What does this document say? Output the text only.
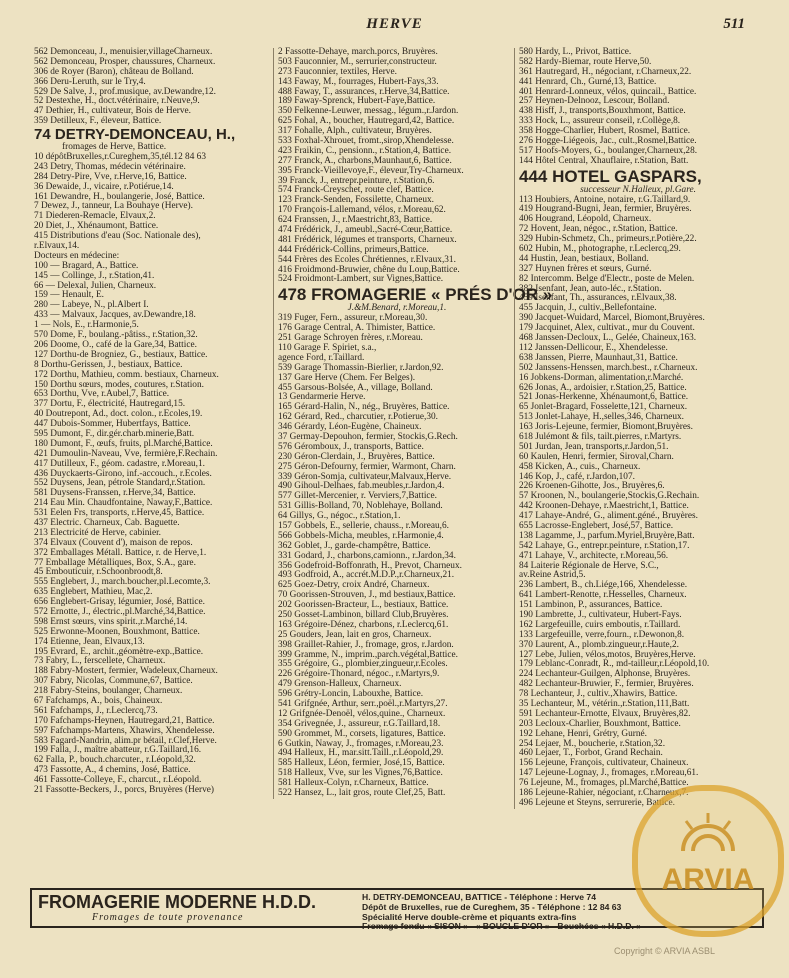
HERVE	511
562 Demonceau, J., menuisier,villageCharneux.
562 Demonceau, Prosper, chaussures, Charneux.
306 de Royer (Baron), château de Bolland.
366 Deru-Leruth, sur le Try,4.
529 De Salve, J., prof.musique, av.Dewandre,12.
52 Destexhe, H., doct.vétérinaire, r.Neuve,9.
47 Dethier, H., cultivateur, Bois de Herve.
359 Detilleux, F., éleveur, Battice.
74 DETRY-DEMONCEAU, H.,
fromages de Herve, Battice.
10 dépôtBruxelles,r.Cureghem,35,tél.12 84 63
243 Detry, Thomas, médecin vétérinaire.
284 Detry-Pire, Vve, r.Herve,16, Battice.
36 Dewaide, J., vicaire, r.Potiérue,14.
161 Dewandre, H., boulangerie, José, Battice.
7 Dewez, J., tanneur, La Bouhaye (Herve).
71 Diederen-Remacle, Elvaux,2.
20 Diet, J., Xhénaumont, Battice.
415 Distributions d'eau (Soc. Nationale des),
r.Elvaux,14.
Docteurs en médecine:
100 — Bragard, A., Battice.
145 — Collinge, J., r.Station,41.
66 — Delexal, Julien, Charneux.
159 — Henault, E.
280 — Labeye, N., pl.Albert I.
433 — Malvaux, Jacques, av.Dewandre,18.
1 — Nols, E., r.Harmonie,5.
570 Dome, F., boulang.-pâtiss., r.Station,32.
206 Doome, O., café de la Gare,34, Battice.
127 Dorthu-de Brogniez, G., bestiaux, Battice.
8 Dorthu-Gerissen, J., bestiaux, Battice.
172 Dorthu, Mathieu, comm. bestiaux, Charneux.
150 Dorthu sœurs, modes, coutures, r.Station.
653 Dorthu, Vve, r.Aubel,7, Battice.
377 Dortu, F., électricité, Hautregard,15.
40 Doutrepont, Ad., doct. colon., r.Ecoles,19.
447 Dubois-Sommer, Hubertfays, Battice.
595 Dumont, F., dir.gér.charb.minerie,Batt.
180 Dumont, F., œufs, fruits, pl.Marché,Battice.
421 Dumoulin-Naveau, Vve, fermière,F.Rechain.
417 Dutilleux, F., géom. cadastre, r.Moreau,1.
436 Duyckaerts-Girono, inf.-accouch., r.Ecoles.
552 Duysens, Jean, pétrole Standard,r.Station.
581 Duysens-Franssen, r.Herve,34, Battice.
214 Eau Min. Chaudfontaine, Naway,F.,Battice.
531 Eelen Frs, transports, r.Herve,45, Battice.
437 Electric. Charneux, Cab. Baguette.
213 Electricité de Herve, cabinier.
374 Elvaux (Couvent d'), maison de repos.
372 Emballages Métall. Battice, r. de Herve,1.
77 Emballage Métalliques, Box, S.A., gare.
45 Embouticuir, r.Schoonbroodt,8.
555 Englebert, J., march.boucher,pl.Lecomte,3.
635 Englebert, Mathieu, Mac,2.
656 Englebert-Grisay, légumier, José, Battice.
572 Ernotte, J., électric.,pl.Marché,34,Battice.
598 Ernst sœurs, vins spirit.,r.Marché,14.
525 Erwonne-Moonen, Bouxhmont, Battice.
174 Etienne, Jean, Elvaux,13.
195 Evrard, E., archit.,géomètre-exp.,Battice.
73 Fabry, L., ferscellete, Charneux.
188 Fabry-Mostert, fermier, Wadeleux,Charneux.
307 Fabry, Nicolas, Commune,67, Battice.
218 Fabry-Steins, boulanger, Charneux.
67 Fafchamps, A., bois, Chaineux.
561 Fafchamps, J., r.Leclercq,73.
170 Fafchamps-Heynen, Hautregard,21, Battice.
597 Fafchamps-Martens, Xhawirs, Xhendelesse.
583 Fagard-Nandrin, alim.pr bétail, r.Clef,Herve.
199 Falla, J., maître abatteur, r.G.Taillard,16.
62 Falla, P., bouch.charcuter., r.Léopold,32.
473 Fassotte, A., 4 chemins, José, Battice.
461 Fassotte-Colleye, F., charcut., r.Léopold.
21 Fassotte-Beckers, J., porcs, Bruyères (Herve)
2 Fassotte-Dehaye, march.porcs, Bruyères.
503 Fauconnier, M., serrurier,constructeur.
273 Fauconnier, textiles, Herve.
143 Faway, M., fourrages, Hubert-Fays,33.
488 Faway, T., assurances, r.Herve,34,Battice.
189 Faway-Sprenck, Hubert-Faye,Battice.
350 Felkenne-Leuwer, messag., légum.,r.Jardon.
625 Fohal, A., boucher, Hautregard,42, Battice.
317 Fohalle, Alph., cultivateur, Bruyères.
533 Foxhal-Xhrouet, fromt.,sirop,Xhendelesse.
423 Fraikin, C., pensionn., r.Station,4, Battice.
277 Franck, A., charbons,Maunhaut,6, Battice.
395 Franck-Vieillevoye,F., éleveur,Try-Charneux.
39 Franck, J., entrepr.peinture, r.Station,6.
574 Franck-Creyschet, route clef, Battice.
123 Franck-Senden, Fossilette, Charneux.
170 François-Lallemand, vélos, r.Moreau,62.
624 Franssen, J., r.Maestricht,83, Battice.
474 Frédérick, J., ameubl.,Sacré-Cœur,Battice.
481 Frédérick, légumes et transports, Charneux.
444 Frédérick-Collins, primeurs,Battice.
544 Frères des Ecoles Chrétiennes, r.Elvaux,31.
416 Froidmond-Bruwier, chêne du Loup,Battice.
524 Froidmont-Lambert, sur Vignes,Battice.
478 FROMAGERIE « PRÉS D'OR »
J.&M.Benard, r.Moreau,1.
319 Fuger, Fern., assureur, r.Moreau,30.
176 Garage Central, A. Thimister, Battice.
251 Garage Schroyen frères, r.Moreau.
110 Garage F. Spiriet, s.a.,
agence Ford, r.Taillard.
539 Garage Thomassin-Bierlier, r.Jardon,92.
137 Gare Herve (Chem. Fer Belges).
455 Garsous-Bolsée, A., village, Bolland.
13 Gendarmerie Herve.
165 Gérard-Halin, N., nég., Bruyères, Battice.
162 Gérard, Red., charcutier, r.Potierue,30.
346 Gérardy, Léon-Eugène, Chaineux.
37 Germay-Depouhon, fermier, Stockis,G.Rech.
576 Géromboux, J., transports, Battice.
230 Géron-Clerdain, J., Bruyères, Battice.
275 Géron-Defourny, fermier, Warmont, Charn.
339 Géron-Somja, cultivateur,Malvaux,Herve.
490 Gihoul-Delhaes, fab.meubles,r.Jardon,4.
577 Gillet-Mercenier, r. Verviers,7,Battice.
531 Gillis-Bolland, 70, Noblehaye, Bolland.
64 Gillys, G., négoc., r.Station,1.
157 Gobbels, E., sellerie, chauss., r.Moreau,6.
566 Gobbels-Micha, meubles, r.Harmonie,4.
362 Goblet, J., garde-champêtre, Battice.
331 Godard, J., charbons,camionn., r.Jardon,34.
356 Godefroid-Boffonrath, H., Prevot, Charneux.
493 Godfroid, A., accrét.M.D.P.,r.Charneux,21.
625 Goez-Detry, croix André, Charneux.
70 Goorissen-Strouven, J., md bestiaux,Battice.
202 Goorissen-Bracteur, L., bestiaux, Battice.
250 Gosset-Lambinon, billard Club,Bruyères.
163 Grégoire-Dénez, charbons, r.Leclercq,61.
25 Gouders, Jean, lait en gros, Charneux.
398 Graillet-Rahier, J., fromage, gros, r.Jardon.
399 Gramme, N., imprim.,parch.végétal,Battice.
355 Grégoire, G., plombier,zingueur,r.Ecoles.
226 Grégoire-Thonard, négoc., r.Martyrs,9.
479 Grenson-Halleux, Charneux.
596 Grétry-Loncin, Labouxhe, Battice.
541 Grifgnée, Arthur, serr.,poël.,r.Martyrs,27.
12 Grifgnée-Denoël, vélos,quine., Charneux.
354 Grivegnée, J., assureur, r.G.Taillard,18.
590 Grommet, M., corsets, ligatures, Battice.
6 Gutkin, Naway, J., fromages, r.Moreau,23.
494 Halleux, H., mar.sitt.Taill.,r.Léopold,29.
585 Halleux, Léon, fermier, José,15, Battice.
518 Halleux, Vve, sur les Vignes,76,Battice.
581 Halleux-Colyn, r.Charneux, Battice.
522 Hansez, L., lait gros, route Clef,25, Batt.
580 Hardy, L., Privot, Battice.
582 Hardy-Biemar, route Herve,50.
361 Hautregard, H., négociant, r.Charneux,22.
441 Henrard, Ch., Gurné,13, Battice.
401 Henrard-Lonneux, vélos, quincail., Battice.
257 Heynen-Delnooz, Lescour, Bolland.
438 Hisff, J., transports,Bouxhmont, Battice.
333 Hock, L., assureur conseil, r.Collège,8.
358 Hogge-Charlier, Hubert, Rosmel, Battice.
276 Hogge-Liégeois, Jac., cult.,Rosmel,Battice.
517 Hoofs-Moyers, G., boulanger,Charneux,28.
144 Hôtel Central, Xhauflaire, r.Station, Batt.
444 HOTEL GASPARS,
successeur N.Halleux, pl.Gare.
113 Houbiers, Antoine, notaire, r.G.Taillard,9.
419 Hougrand-Bugni, Jean, fermier, Bruyères.
406 Hougrand, Léopold, Charneux.
72 Hovent, Jean, négoc., r.Station, Battice.
329 Hubin-Schmetz, Ch., primeurs,r.Potière,22.
602 Hubin, M., photographe, r.Leclercq,29.
44 Hustin, Jean, bestiaux, Bolland.
327 Huynen frères et sœurs, Gurné.
82 Intercomm. Belge d'Electr., poste de Melen.
382 Isenfant, Jean, auto-léc., r.Station.
459 Isenfant, Th., assurances, r.Elvaux,38.
455 Jacquin, J., cultiv.,Bellefontaine.
390 Jacquet-Wuidard, Marcel, Biomont,Bruyères.
179 Jacquinet, Alex, cultivat., mur du Couvent.
468 Janssen-Decloux, L., Gelée, Chaineux,163.
112 Janssen-Dellicour, E., Xhendelesse.
638 Janssen, Pierre, Maunhaut,31, Battice.
502 Janssens-Henssen, march.best., r.Charneux.
16 Jobkens-Dorman, alimentation,r.Marché.
626 Jonas, A., ardoisier, r.Station,25, Battice.
521 Jonas-Herkenne, Xhénaumont,6, Battice.
65 Jonlet-Bragard, Fosselette,121, Charneux.
513 Jonlet-Lahaye, H.,selles,346, Charneux.
163 Joris-Lejeune, fermier, Biomont,Bruyères.
618 Julémont & fils, tailt.pierres, r.Martyrs.
501 Jurdan, Jean, transports,r.Jardon,51.
60 Kaulen, Henri, fermier, Siroval,Charn.
458 Kicken, A., cuis., Charneux.
146 Kop, J., café, r.Jardon,107.
226 Kroenen-Gihotte, Jos., Bruyères,6.
57 Kroonen, N., boulangerie,Stockis,G.Rechain.
442 Kroonen-Dehaye, r.Maestricht,1, Battice.
417 Lahaye-André, G., aliment.géné., Bruyères.
655 Lacrosse-Englebert, José,57, Battice.
138 Lagamme, J., parfum.Myriel,Bruyère,Batt.
542 Lahaye, G., entrepr.peinture, r.Station,17.
471 Lahaye, V., architecte, r.Moreau,56.
84 Laiterie Régionale de Herve, S.C.,
av.Reine Astrid,5.
236 Lambert, B., ch.Liége,166, Xhendelesse.
641 Lambert-Renotte, r.Hesselles, Charneux.
151 Lambinon, P., assurances, Battice.
190 Lambrette, J., cultivateur, Hubert-Fays.
162 Largefeuille, cuirs emboutis, r.Taillard.
133 Largefeuille, verre,fourn., r.Dewonon,8.
370 Laurent, A., plomb.zingueur,r.Haute,2.
127 Lebe, Julien, vélos,motos, Bruyères,Herve.
179 Leblanc-Conradt, R., md-tailleur,r.Léopold,10.
224 Lechanteur-Guilgen, Alphonse, Bruyères.
482 Lechanteur-Bruwier, F., fermier, Bruyères.
78 Lechanteur, J., cultiv.,Xhawirs, Battice.
35 Lechanteur, M., vétérin.,r.Station,111,Batt.
591 Lechanteur-Ernotte, Elvaux, Bruyères,82.
203 Lecloux-Charlier, Bouxhmont, Battice.
192 Lehane, Henri, Grétry, Gurné.
254 Lejaer, M., boucherie, r.Station,32.
460 Lejaer, T., Forbot, Grand Rechain.
156 Lejeune, François, cultivateur, Chaineux.
147 Lejeune-Lognay, J., fromages, r.Moreau,61.
76 Lejeune, M., fromages, pl.Marché,Battice.
186 Lejeune-Rahier, négociant, r.Charneux,7.
496 Lejeune et Steyns, serrurerie, Battice.
FROMAGERIE MODERNE H.D.D.
Fromages de toute provenance
H. DETRY-DEMONCEAU, BATTICE - Téléphone : Herve 74
Dépôt de Bruxelles, rue de Cureghem, 35 - Téléphone : 12 84 63
Spécialité Herve double-crème et piquants extra-fins
Fromage fondu « SISON » - « BOUCLE D'OR » - Bouchées « H.D.D. »
ARVIA
Copyright © ARVIA ASBL
